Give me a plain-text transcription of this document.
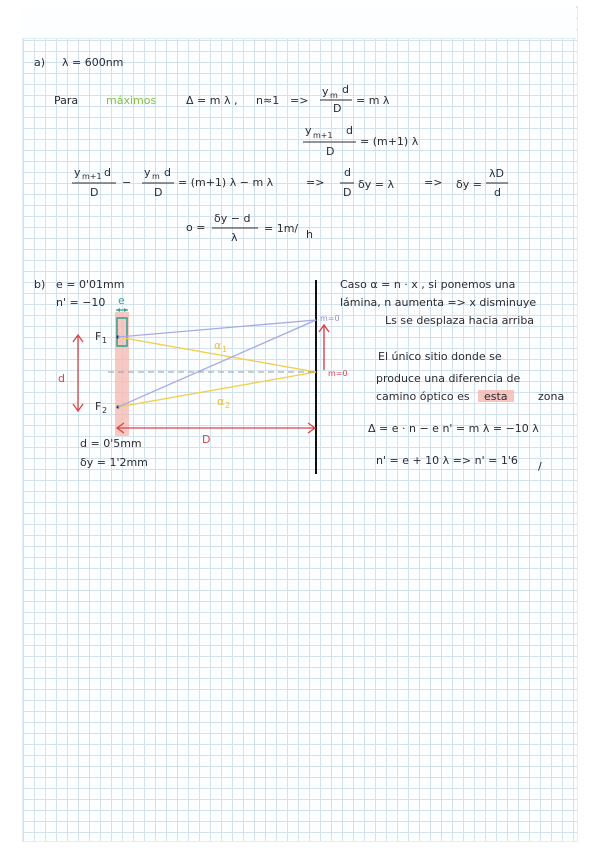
a) λ = 600nm
Para	máximos	Δ = m λ , n≈1 =>
y m d
D
= m λ
y m+1 d
D
= (m+1) λ
y m+1 d
D
−
y m d
D
= (m+1) λ − m λ	=>
d
D
δy = λ	=> δy =
λD
d
o =
δy − d
λ
= 1m/ h
b) e = 0'01mm
n' = −10 e
F 1
F 2
d
α 1
α 2
m=0
m=0
D
d = 0'5mm
δy = 1'2mm
Caso α = n · x , si ponemos una
lámina, n aumenta => x disminuye
Ls se desplaza hacia arriba
El único sitio donde se
produce una diferencia de
camino óptico es esta	zona
Δ = e · n − e n' = m λ = −10 λ
n' = e + 10 λ => n' = 1'6 /
